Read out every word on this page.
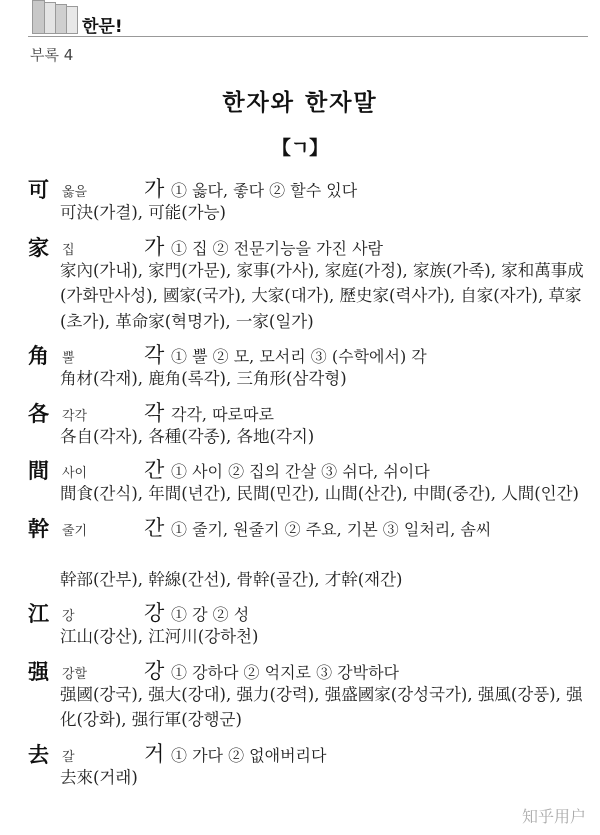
한문!
부록 4
한자와 한자말
【ㄱ】
可 옳을	가 ① 옳다, 좋다 ② 할수 있다
可決(가결), 可能(가능)
家 집	가 ① 집 ② 전문기능을 가진 사람
家內(가내), 家門(가문), 家事(가사), 家庭(가정), 家族(가족), 家和萬事成(가화만사성), 國家(국가), 大家(대가), 歷史家(력사가), 自家(자가), 草家(초가), 革命家(혁명가), 一家(일가)
角 뿔	각 ① 뿔 ② 모, 모서리 ③ (수학에서) 각
角材(각재), 鹿角(록각), 三角形(삼각형)
各 각각	각 각각, 따로따로
各自(각자), 各種(각종), 各地(각지)
間 사이	간 ① 사이 ② 집의 간살 ③ 쉬다, 쉬이다
間食(간식), 年間(년간), 民間(민간), 山間(산간), 中間(중간), 人間(인간)
幹 줄기	간 ① 줄기, 원줄기 ② 주요, 기본 ③ 일처리, 솜씨
幹部(간부), 幹線(간선), 骨幹(골간), 才幹(재간)
江 강	강 ① 강 ② 성
江山(강산), 江河川(강하천)
强 강할	강 ① 강하다 ② 억지로 ③ 강박하다
强國(강국), 强大(강대), 强力(강력), 强盛國家(강성국가), 强風(강풍), 强化(강화), 强行軍(강행군)
去 갈	거 ① 가다 ② 없애버리다
去來(거래)
知乎用户
